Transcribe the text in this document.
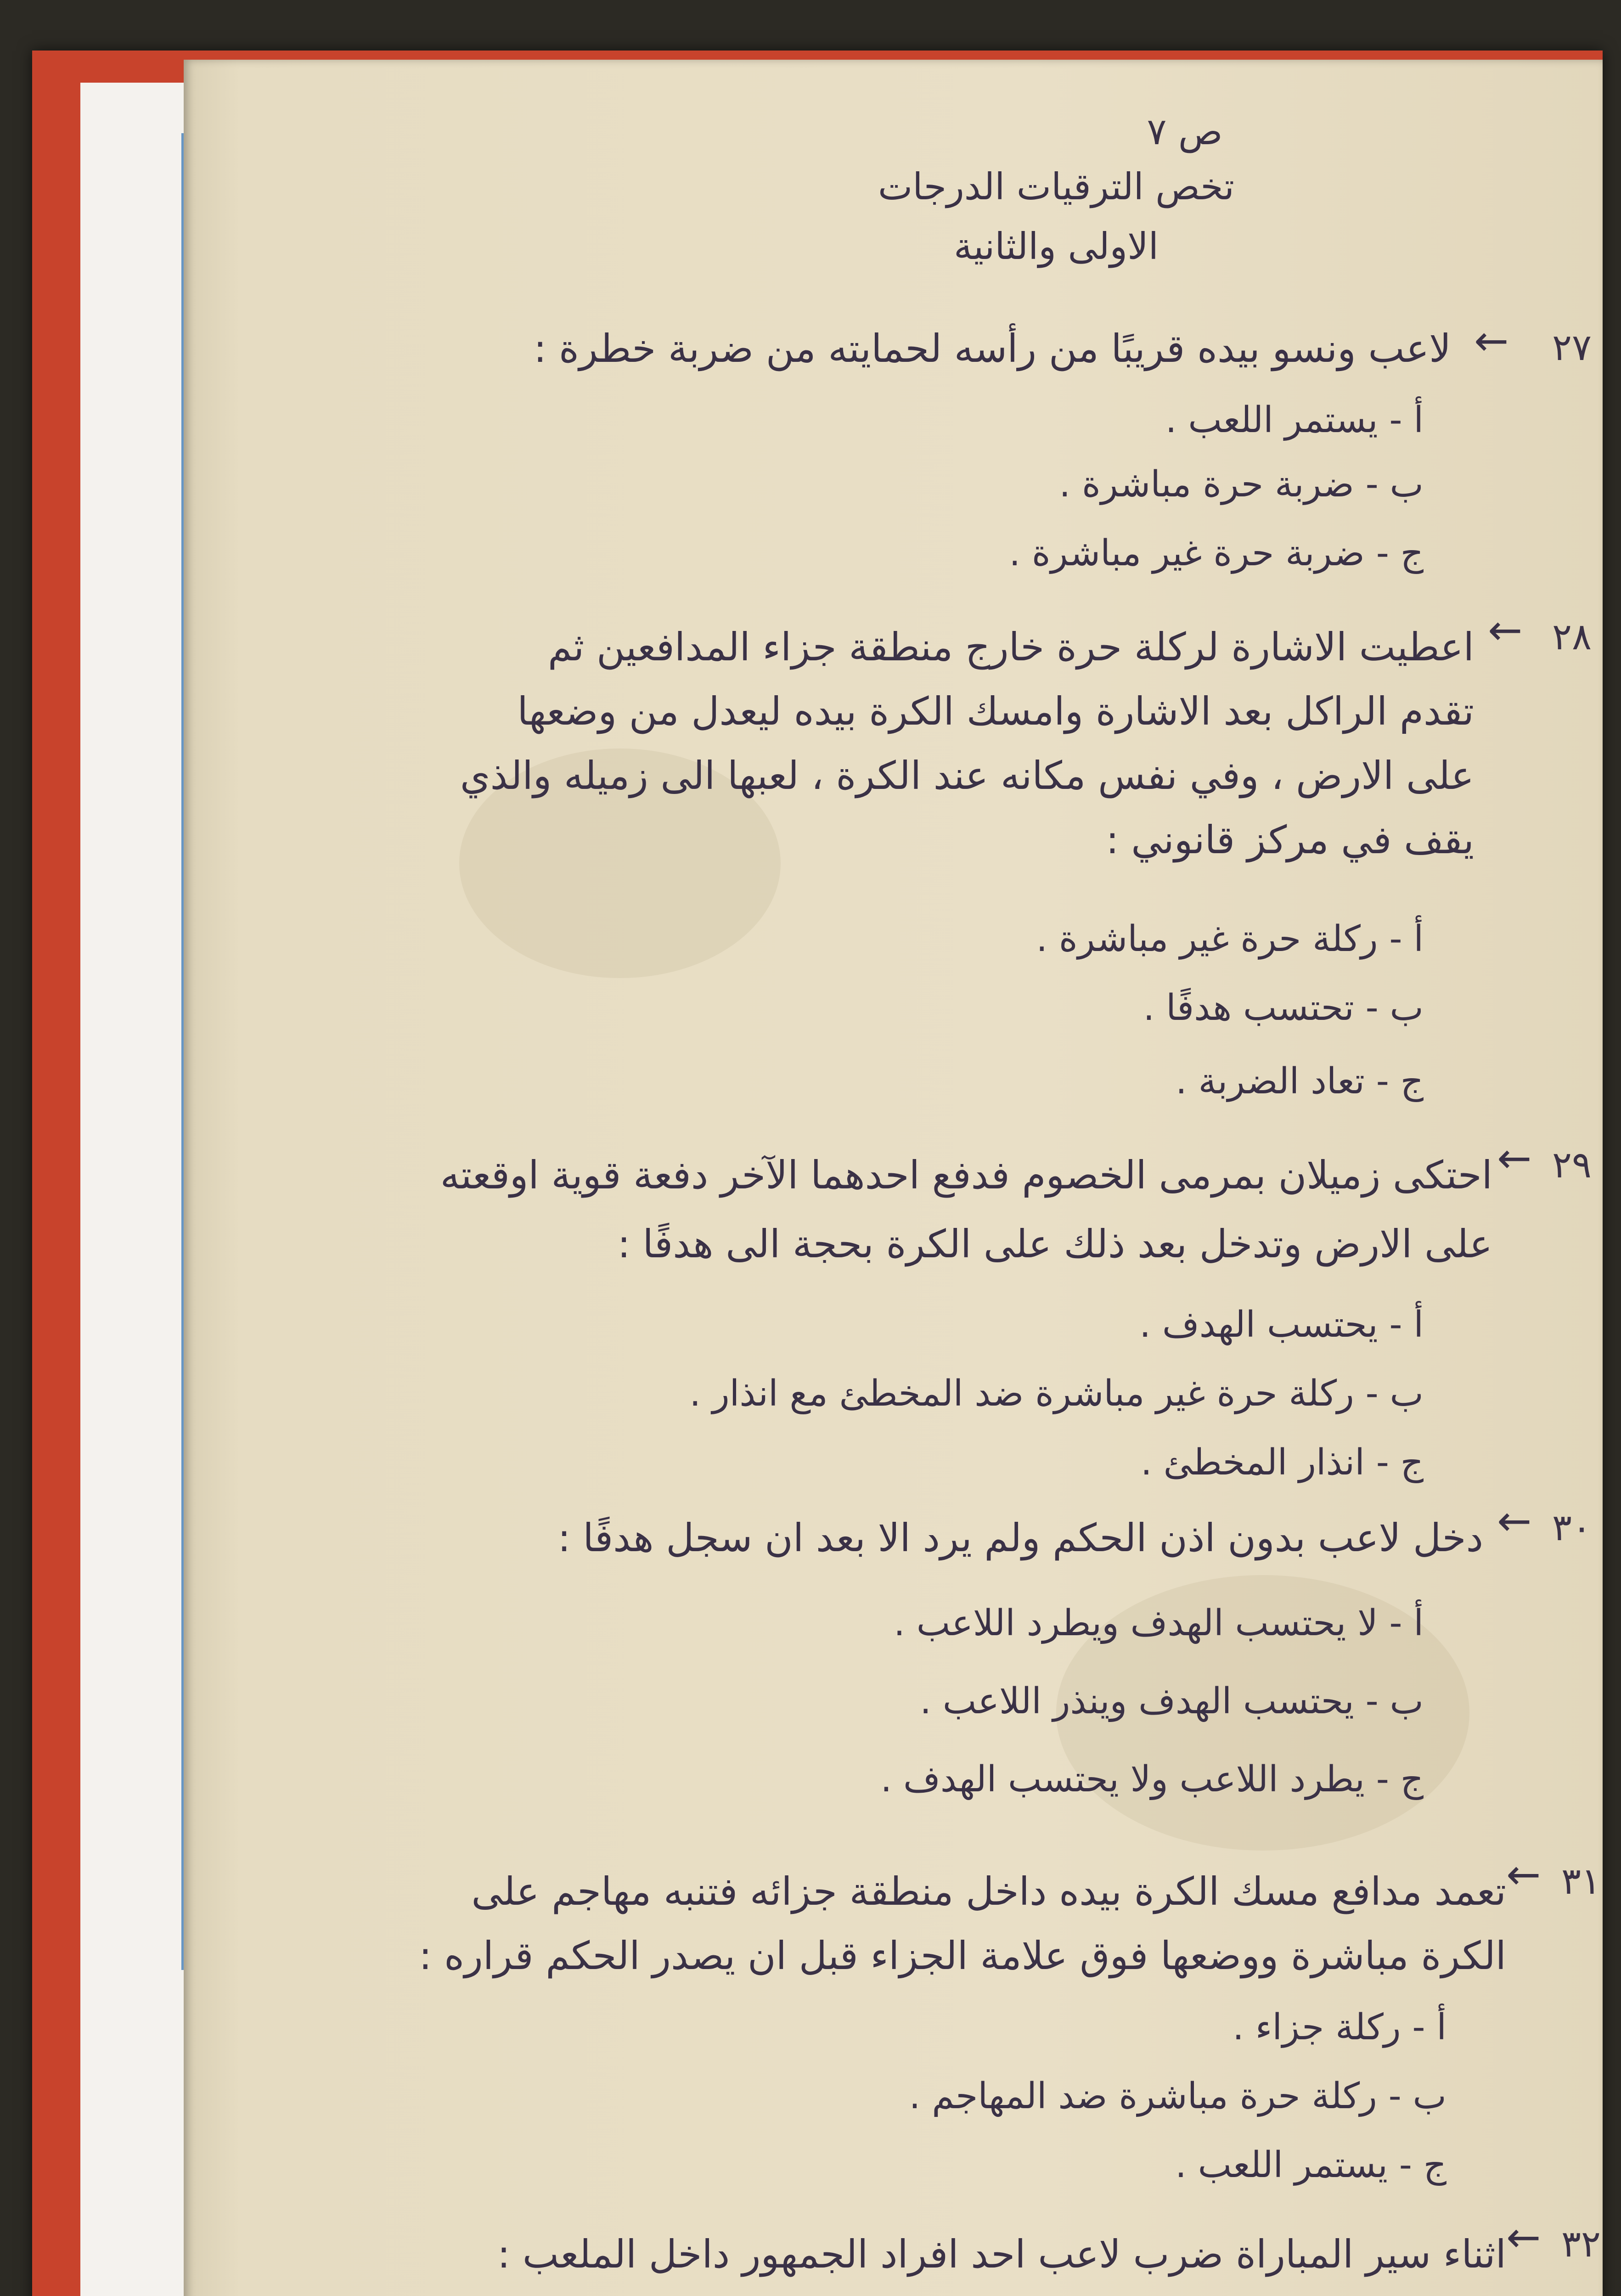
ص ٧
تخص الترقيات الدرجات
الاولى والثانية
← ٢٧
لاعب ونسو بيده قريبًا من رأسه لحمايته من ضربة خطرة :
أ - يستمر اللعب .
ب - ضربة حرة مباشرة .
ج - ضربة حرة غير مباشرة .
← ٢٨
اعطيت الاشارة لركلة حرة خارج منطقة جزاء المدافعين ثم
تقدم الراكل بعد الاشارة وامسك الكرة بيده ليعدل من وضعها
على الارض ، وفي نفس مكانه عند الكرة ، لعبها الى زميله والذي
يقف في مركز قانوني :
أ - ركلة حرة غير مباشرة .
ب - تحتسب هدفًا .
ج - تعاد الضربة .
← ٢٩
احتكى زميلان بمرمى الخصوم فدفع احدهما الآخر دفعة قوية اوقعته
على الارض وتدخل بعد ذلك على الكرة بحجة الى هدفًا :
أ - يحتسب الهدف .
ب - ركلة حرة غير مباشرة ضد المخطئ مع انذار .
ج - انذار المخطئ .
← ٣٠
دخل لاعب بدون اذن الحكم ولم يرد الا بعد ان سجل هدفًا :
أ - لا يحتسب الهدف ويطرد اللاعب .
ب - يحتسب الهدف وينذر اللاعب .
ج - يطرد اللاعب ولا يحتسب الهدف .
← ٣١
تعمد مدافع مسك الكرة بيده داخل منطقة جزائه فتنبه مهاجم على
الكرة مباشرة ووضعها فوق علامة الجزاء قبل ان يصدر الحكم قراره :
أ - ركلة جزاء .
ب - ركلة حرة مباشرة ضد المهاجم .
ج - يستمر اللعب .
← ٣٢
اثناء سير المباراة ضرب لاعب احد افراد الجمهور داخل الملعب :
